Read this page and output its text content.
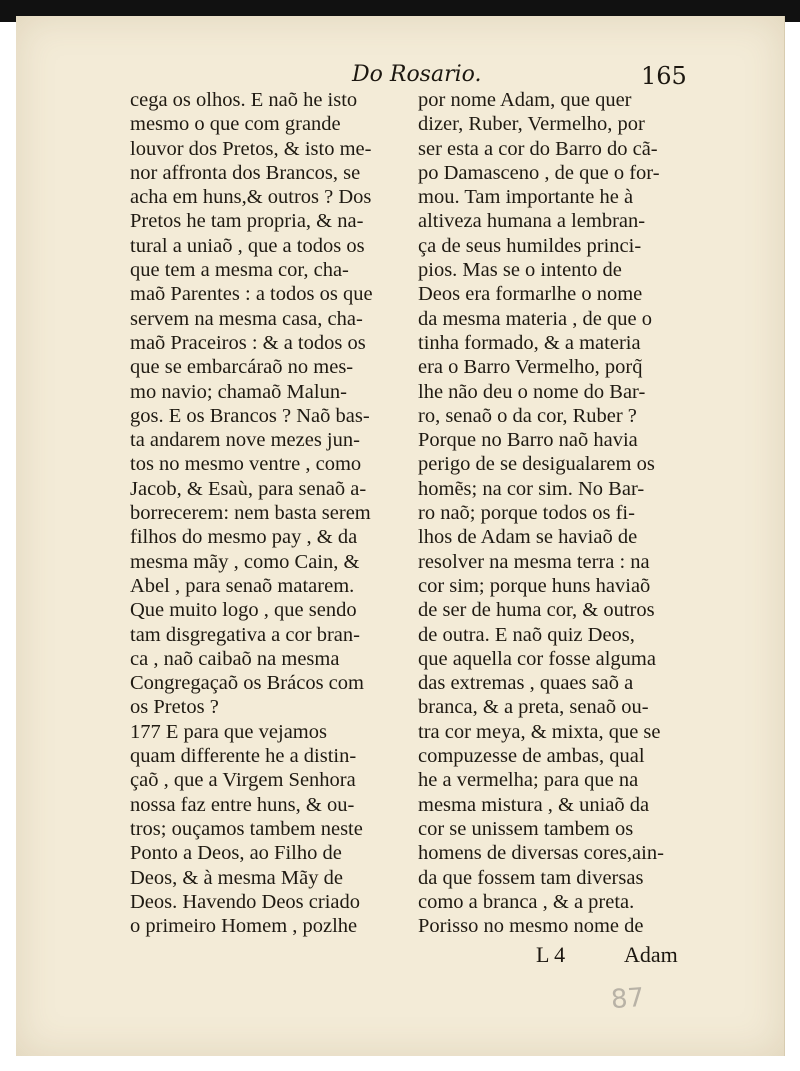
Do Rosario.	165
cega os olhos. E naõ he isto
mesmo o que com grande
louvor dos Pretos, & isto me-
nor affronta dos Brancos, se
acha em huns,& outros ? Dos
Pretos he tam propria, & na-
tural a uniaõ , que a todos os
que tem a mesma cor, cha-
maõ Parentes : a todos os que
servem na mesma casa, cha-
maõ Praceiros : & a todos os
que se embarcáraõ no mes-
mo navio; chamaõ Malun-
gos. E os Brancos ? Naõ bas-
ta andarem nove mezes jun-
tos no mesmo ventre , como
Jacob, & Esaù, para senaõ a-
borrecerem: nem basta serem
filhos do mesmo pay , & da
mesma mãy , como Cain, &
Abel , para senaõ matarem.
Que muito logo , que sendo
tam disgregativa a cor bran-
ca , naõ caibaõ na mesma
Congregaçaõ os Brácos com
os Pretos ?
177 E para que vejamos
quam differente he a distin-
çaõ , que a Virgem Senhora
nossa faz entre huns, & ou-
tros; ouçamos tambem neste
Ponto a Deos, ao Filho de
Deos, & à mesma Mãy de
Deos. Havendo Deos criado
o primeiro Homem , pozlhe
por nome Adam, que quer
dizer, Ruber, Vermelho, por
ser esta a cor do Barro do cã-
po Damasceno , de que o for-
mou. Tam importante he à
altiveza humana a lembran-
ça de seus humildes princi-
pios. Mas se o intento de
Deos era formarlhe o nome
da mesma materia , de que o
tinha formado, & a materia
era o Barro Vermelho, porq̃
lhe não deu o nome do Bar-
ro, senaõ o da cor, Ruber ?
Porque no Barro naõ havia
perigo de se desigualarem os
homẽs; na cor sim. No Bar-
ro naõ; porque todos os fi-
lhos de Adam se haviaõ de
resolver na mesma terra : na
cor sim; porque huns haviaõ
de ser de huma cor, & outros
de outra. E naõ quiz Deos,
que aquella cor fosse alguma
das extremas , quaes saõ a
branca, & a preta, senaõ ou-
tra cor meya, & mixta, que se
compuzesse de ambas, qual
he a vermelha; para que na
mesma mistura , & uniaõ da
cor se unissem tambem os
homens de diversas cores,ain-
da que fossem tam diversas
como a branca , & a preta.
Porisso no mesmo nome de
L 4	Adam
87
